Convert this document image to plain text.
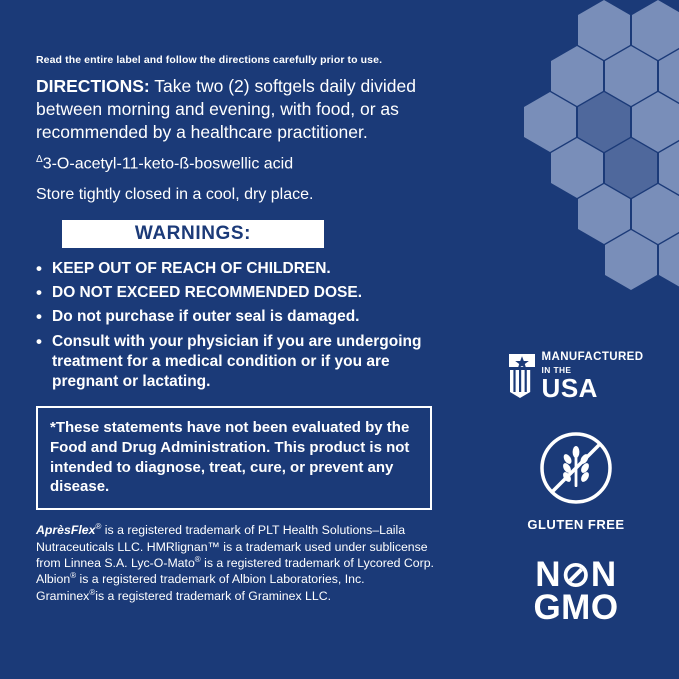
Read the entire label and follow the directions carefully prior to use.
DIRECTIONS: Take two (2) softgels daily divided between morning and evening, with food, or as recommended by a healthcare practitioner.
$^\Delta$3-O-acetyl-11-keto-ß-boswellic acid
Store tightly closed in a cool, dry place.
WARNINGS:
• KEEP OUT OF REACH OF CHILDREN.
• DO NOT EXCEED RECOMMENDED DOSE.
• Do not purchase if outer seal is damaged.
• Consult with your physician if you are undergoing treatment for a medical condition or if you are pregnant or lactating.
*These statements have not been evaluated by the Food and Drug Administration. This product is not intended to diagnose, treat, cure, or prevent any disease.
AprèsFlex® is a registered trademark of PLT Health Solutions–Laila Nutraceuticals LLC. HMRlignan™ is a trademark used under sublicense from Linnea S.A. Lyc-O-Mato® is a registered trademark of Lycored Corp. Albion® is a registered trademark of Albion Laboratories, Inc. Graminex®is a registered trademark of Graminex LLC.
MANUFACTURED
IN THE
USA
GLUTEN FREE
N⊘N
GMO
